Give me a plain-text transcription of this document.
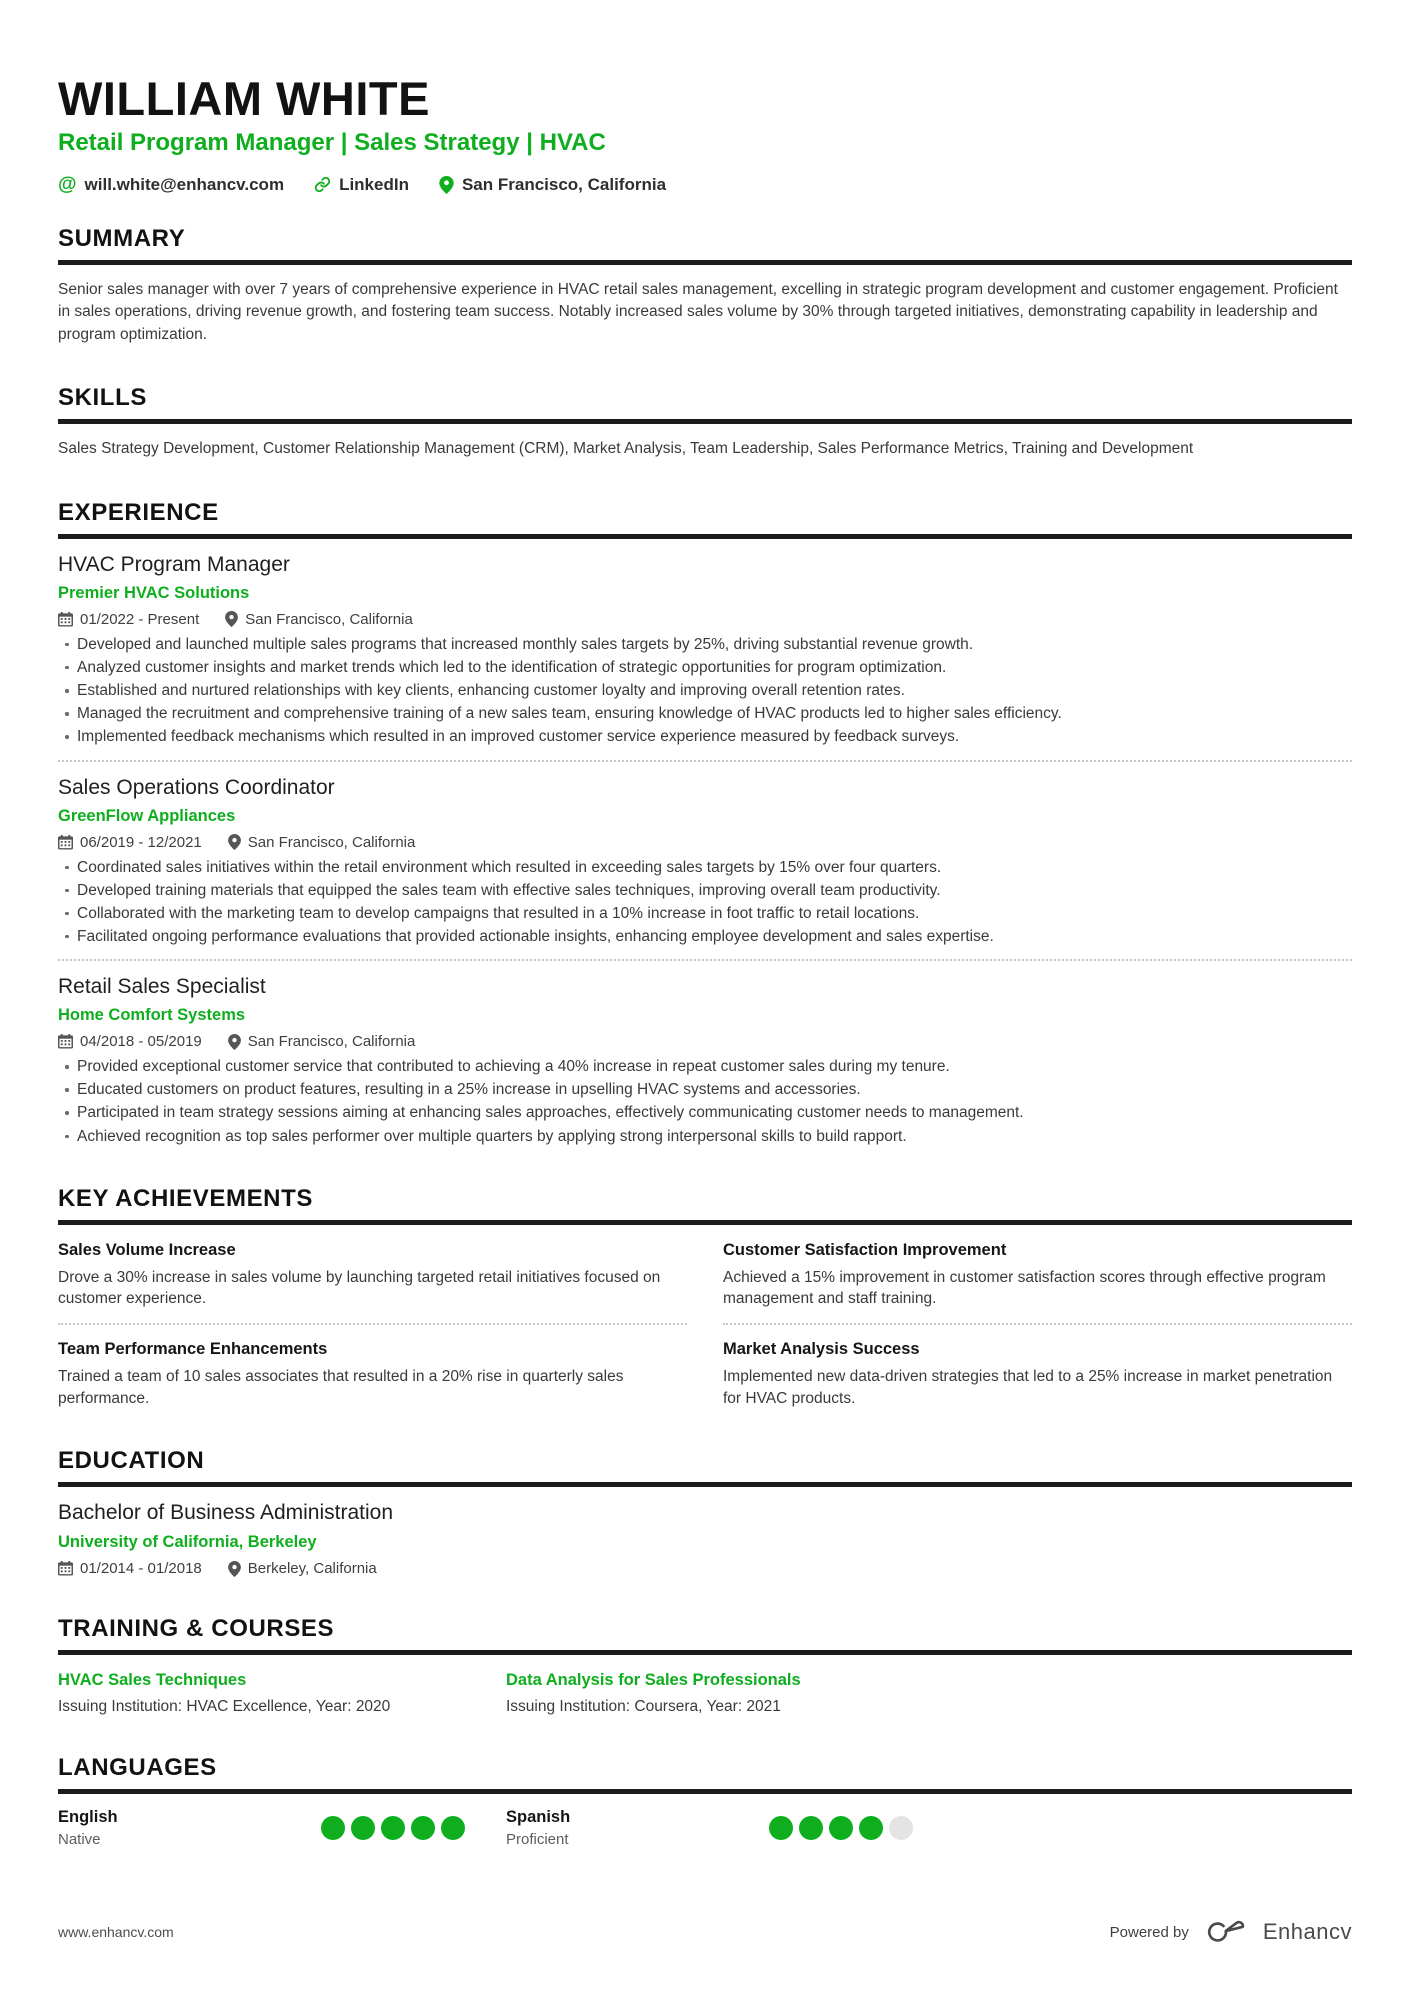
WILLIAM WHITE
Retail Program Manager | Sales Strategy | HVAC
@ will.white@enhancv.com	LinkedIn	San Francisco, California
SUMMARY

Senior sales manager with over 7 years of comprehensive experience in HVAC retail sales management, excelling in strategic program development and customer engagement. Proficient in sales operations, driving revenue growth, and fostering team success. Notably increased sales volume by 30% through targeted initiatives, demonstrating capability in leadership and program optimization.

SKILLS

Sales Strategy Development, Customer Relationship Management (CRM), Market Analysis, Team Leadership, Sales Performance Metrics, Training and Development

EXPERIENCE
HVAC Program Manager
Premier HVAC Solutions
01/2022 - Present	San Francisco, California
Developed and launched multiple sales programs that increased monthly sales targets by 25%, driving substantial revenue growth.
Analyzed customer insights and market trends which led to the identification of strategic opportunities for program optimization.
Established and nurtured relationships with key clients, enhancing customer loyalty and improving overall retention rates.
Managed the recruitment and comprehensive training of a new sales team, ensuring knowledge of HVAC products led to higher sales efficiency.
Implemented feedback mechanisms which resulted in an improved customer service experience measured by feedback surveys.
Sales Operations Coordinator
GreenFlow Appliances
06/2019 - 12/2021	San Francisco, California
Coordinated sales initiatives within the retail environment which resulted in exceeding sales targets by 15% over four quarters.
Developed training materials that equipped the sales team with effective sales techniques, improving overall team productivity.
Collaborated with the marketing team to develop campaigns that resulted in a 10% increase in foot traffic to retail locations.
Facilitated ongoing performance evaluations that provided actionable insights, enhancing employee development and sales expertise.
Retail Sales Specialist
Home Comfort Systems
04/2018 - 05/2019	San Francisco, California
Provided exceptional customer service that contributed to achieving a 40% increase in repeat customer sales during my tenure.
Educated customers on product features, resulting in a 25% increase in upselling HVAC systems and accessories.
Participated in team strategy sessions aiming at enhancing sales approaches, effectively communicating customer needs to management.
Achieved recognition as top sales performer over multiple quarters by applying strong interpersonal skills to build rapport.
KEY ACHIEVEMENTS
Sales Volume Increase

Drove a 30% increase in sales volume by launching targeted retail initiatives focused on customer experience.

Team Performance Enhancements

Trained a team of 10 sales associates that resulted in a 20% rise in quarterly sales performance.

Customer Satisfaction Improvement

Achieved a 15% improvement in customer satisfaction scores through effective program management and staff training.

Market Analysis Success

Implemented new data-driven strategies that led to a 25% increase in market penetration for HVAC products.

EDUCATION
Bachelor of Business Administration
University of California, Berkeley
01/2014 - 01/2018	Berkeley, California
TRAINING & COURSES
HVAC Sales Techniques

Issuing Institution: HVAC Excellence, Year: 2020

Data Analysis for Sales Professionals

Issuing Institution: Coursera, Year: 2021

LANGUAGES

English

Native

Spanish

Proficient

www.enhancv.com	Powered by	Enhancv
